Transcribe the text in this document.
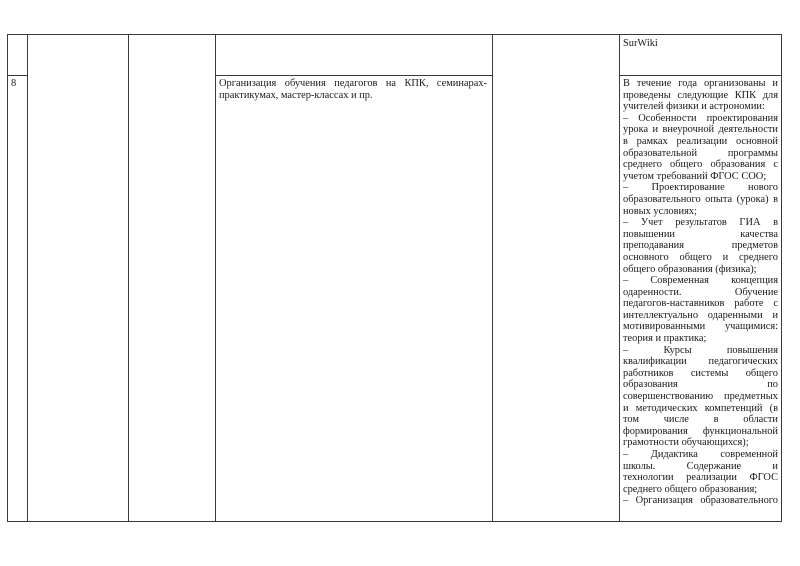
SurWiki
8	Организация обучения педагогов на КПК, семинарах-
практикумах, мастер-классах и пр.
В течение года организованы и
проведены следующие КПК для
учителей физики и астрономии:
– Особенности проектирования
урока и внеурочной деятельности
в рамках реализации основной
образовательной программы
среднего общего образования с
учетом требований ФГОС СОО;
– Проектирование нового
образовательного опыта (урока) в
новых условиях;
– Учет результатов ГИА в
повышении качества
преподавания предметов
основного общего и среднего
общего образования (физика);
– Современная концепция
одаренности. Обучение
педагогов-наставников работе с
интеллектуально одаренными и
мотивированными учащимися:
теория и практика;
– Курсы повышения
квалификации педагогических
работников системы общего
образования по
совершенствованию предметных
и методических компетенций (в
том числе в области
формирования функциональной
грамотности обучающихся);
– Дидактика современной
школы. Содержание и
технологии реализации ФГОС
среднего общего образования;
– Организация образовательного
